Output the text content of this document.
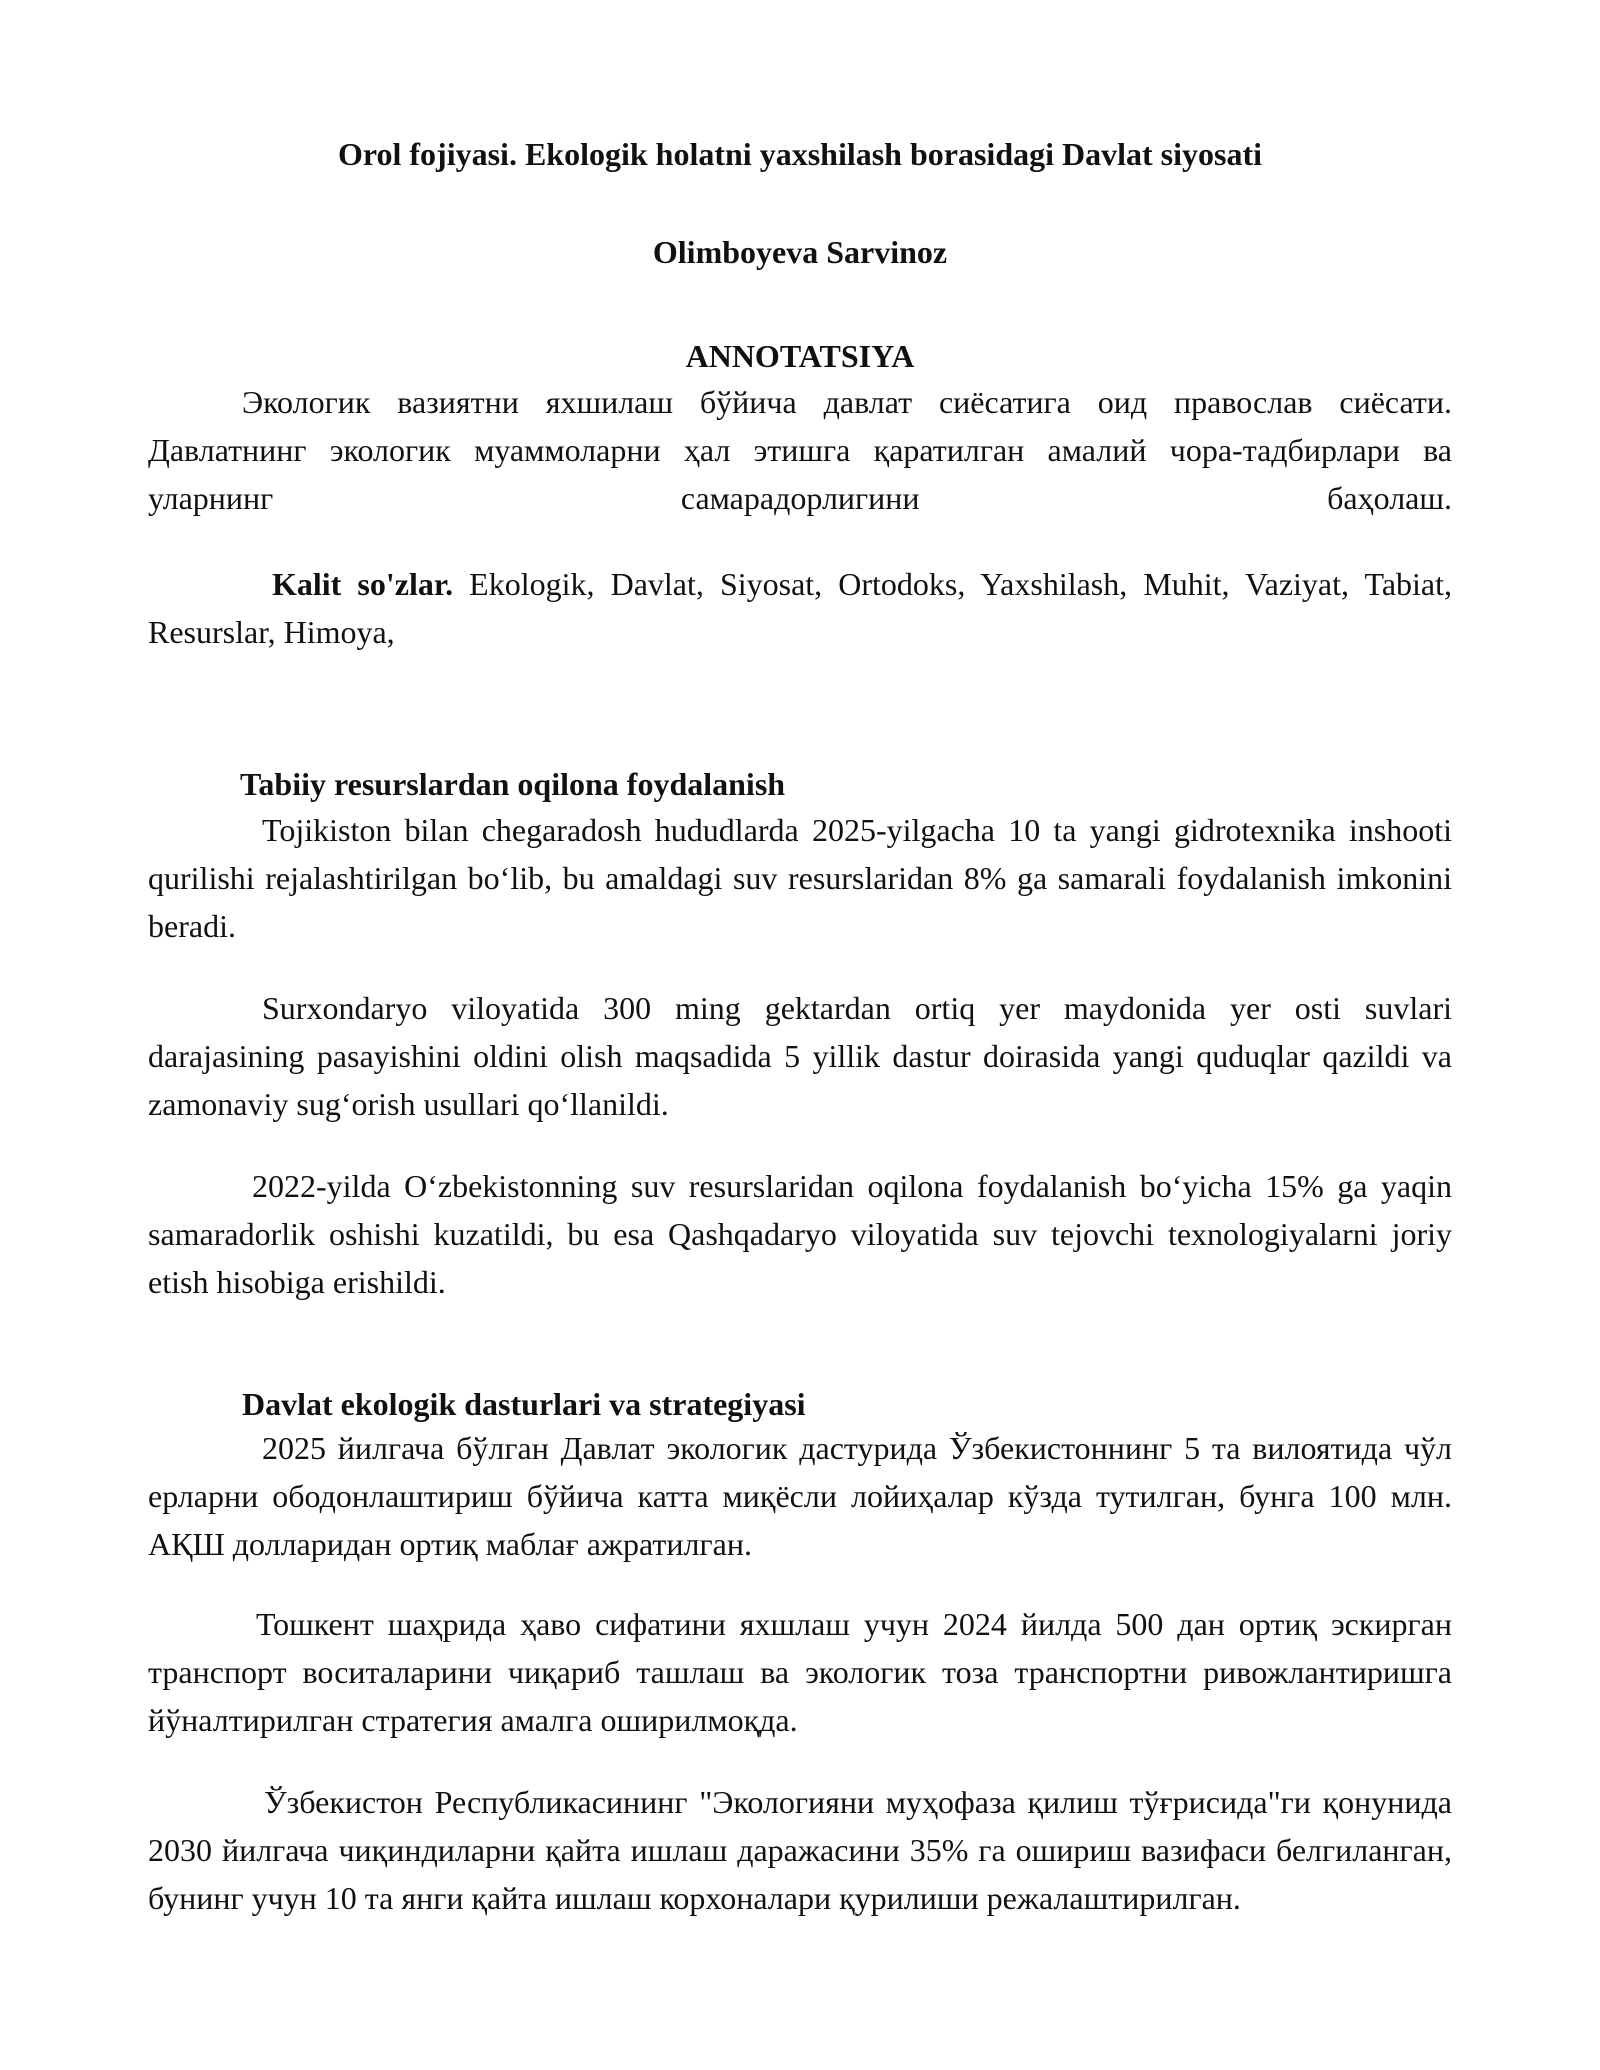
Orol fojiyasi. Ekologik holatni yaxshilash borasidagi Davlat siyosati
Olimboyeva Sarvinoz
ANNOTATSIYA

Экологик вазиятни яхшилаш бўйича давлат сиёсатига оид православ сиёсати. Давлатнинг экологик муаммоларни ҳал этишга қаратилган амалий чора-тадбирлари ва уларнинг самарадорлигини баҳолаш.

Kalit so'zlar. Ekologik, Davlat, Siyosat, Ortodoks, Yaxshilash, Muhit, Vaziyat, Tabiat, Resurslar, Himoya,

Tabiiy resurslardan oqilona foydalanish

Tojikiston bilan chegaradosh hududlarda 2025-yilgacha 10 ta yangi gidrotexnika inshooti qurilishi rejalashtirilgan boʻlib, bu amaldagi suv resurslaridan 8% ga samarali foydalanish imkonini beradi.

Surxondaryo viloyatida 300 ming gektardan ortiq yer maydonida yer osti suvlari darajasining pasayishini oldini olish maqsadida 5 yillik dastur doirasida yangi quduqlar qazildi va zamonaviy sugʻorish usullari qoʻllanildi.

2022-yilda Oʻzbekistonning suv resurslaridan oqilona foydalanish boʻyicha 15% ga yaqin samaradorlik oshishi kuzatildi, bu esa Qashqadaryo viloyatida suv tejovchi texnologiyalarni joriy etish hisobiga erishildi.

Davlat ekologik dasturlari va strategiyasi

2025 йилгача бўлган Давлат экологик дастурида Ўзбекистоннинг 5 та вилоятида чўл ерларни ободонлаштириш бўйича катта миқёсли лойиҳалар кўзда тутилган, бунга 100 млн. АҚШ долларидан ортиқ маблағ ажратилган.

Тошкент шаҳрида ҳаво сифатини яхшлаш учун 2024 йилда 500 дан ортиқ эскирган транспорт воситаларини чиқариб ташлаш ва экологик тоза транспортни ривожлантиришга йўналтирилган стратегия амалга оширилмоқда.

Ўзбекистон Республикасининг "Экологияни муҳофаза қилиш тўғрисида"ги қонунида 2030 йилгача чиқиндиларни қайта ишлаш даражасини 35% га ошириш вазифаси белгиланган, бунинг учун 10 та янги қайта ишлаш корхоналари қурилиши режалаштирилган.
